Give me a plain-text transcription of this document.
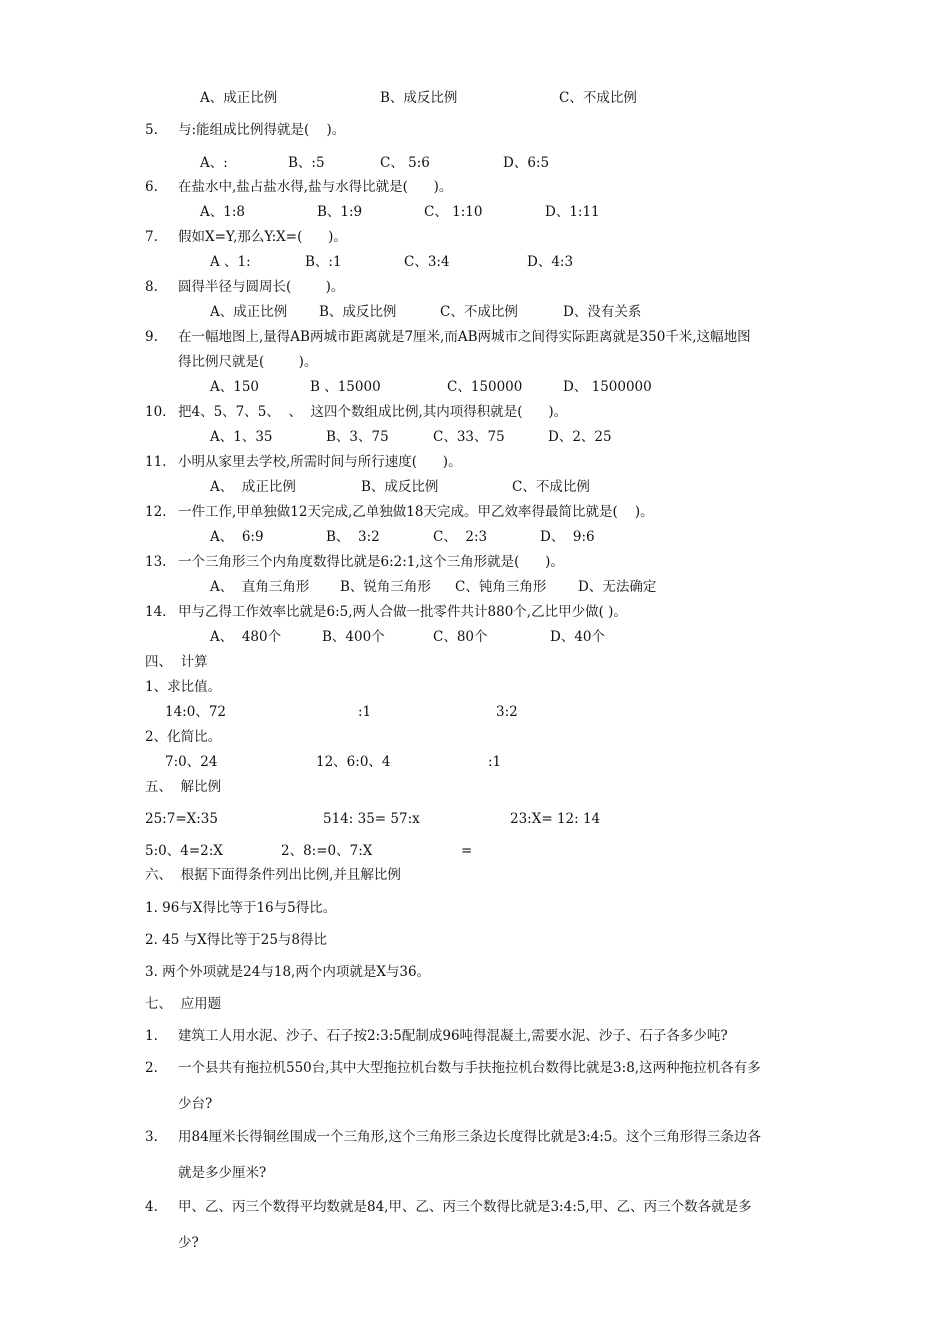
A、成正比例	B、成反比例	C、不成比例
5. 与:能组成比例得就是(    )。
A、:	B、:5	C、 5:6	D、6:5
6. 在盐水中,盐占盐水得,盐与水得比就是(      )。
A、1:8	B、1:9	C、 1:10	D、1:11
7. 假如X=Y,那么Y:X=(      )。
A 、1:	B、:1	C、3:4	D、4:3
8. 圆得半径与圆周长(        )。
A、成正比例 B、成反比例	C、不成比例	D、没有关系
9. 在一幅地图上,量得AB两城市距离就是7厘米,而AB两城市之间得实际距离就是350千米,这幅地图
得比例尺就是(        )。
A、150	B 、15000	C、150000	D、 1500000
10. 把4、5、7、5、  、  这四个数组成比例,其内项得积就是(      )。
A、1、35	B、3、75	C、33、75	D、2、25
11. 小明从家里去学校,所需时间与所行速度(      )。
A、  成正比例	B、成反比例	C、不成比例
12. 一件工作,甲单独做12天完成,乙单独做18天完成。甲乙效率得最简比就是(    )。
A、  6:9	B、  3:2	C、  2:3	D、  9:6
13. 一个三角形三个内角度数得比就是6:2:1,这个三角形就是(      )。
A、  直角三角形 B、锐角三角形 C、钝角三角形 D、无法确定
14. 甲与乙得工作效率比就是6:5,两人合做一批零件共计880个,乙比甲少做( )。
A、  480个	B、400个	C、80个	D、40个
四、  计算
1、求比值。
14:0、72	:1	3:2
2、化简比。
7:0、24	12、6:0、4	:1
五、  解比例
25:7=X:35	514: 35= 57:x	23:X= 12: 14
5:0、4=2:X	2、8:=0、7:X	=
六、  根据下面得条件列出比例,并且解比例
1. 96与X得比等于16与5得比。
2. 45 与X得比等于25与8得比
3. 两个外项就是24与18,两个内项就是X与36。
七、  应用题
1. 建筑工人用水泥、沙子、石子按2:3:5配制成96吨得混凝土,需要水泥、沙子、石子各多少吨?
2. 一个县共有拖拉机550台,其中大型拖拉机台数与手扶拖拉机台数得比就是3:8,这两种拖拉机各有多
少台?
3. 用84厘米长得铜丝围成一个三角形,这个三角形三条边长度得比就是3:4:5。这个三角形得三条边各
就是多少厘米?
4. 甲、乙、丙三个数得平均数就是84,甲、乙、丙三个数得比就是3:4:5,甲、乙、丙三个数各就是多
少?
